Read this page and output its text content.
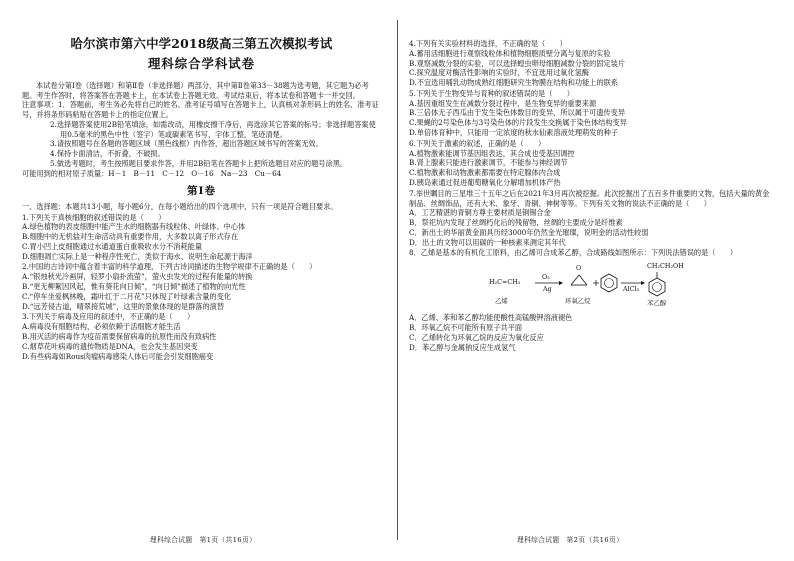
哈尔滨市第六中学2018级高三第五次模拟考试
理科综合学科试卷

本试卷分第Ⅰ卷（选择题）和第Ⅱ卷（非选择题）两部分，其中第Ⅱ卷第33－38题为选考题，其它题为必考题。考生作答时，将答案答在答题卡上，在本试卷上答题无效。考试结束后，将本试卷和答题卡一并交回。

注意事项：1．答题前，考生务必先将自己的姓名、准考证号填写在答题卡上，认真核对条形码上的姓名、准考证号，并将条形码粘贴在答题卡上的指定位置上。

2.选择题答案使用2B铅笔填涂，如需改动，用橡皮擦干净后，再选涂其它答案的标号；非选择题答案使用0.5毫米的黑色中性（签字）笔或碳素笔书写，字体工整，笔迹清楚。

3.请按照题号在各题的答题区域（黑色线框）内作答，超出答题区域书写的答案无效。

4.保持卡面清洁，不折叠，不破损。

5.做选考题时，考生按照题目要求作答，并用2B铅笔在答题卡上把所选题目对应的题号涂黑。

可能用到的相对原子质量：H－1　B－11　C－12　O－16　Na－23　Cu－64

第Ⅰ卷

一、选择题：本题共13小题，每小题6分，在每小题给出的四个选项中，只有一项是符合题目要求。

1.下列关于真核细胞的叙述错误的是（　　）

A.绿色植物的表皮细胞中能产生水的细胞器有线粒体、叶绿体、中心体

B.细胞中的无机盐对生命活动具有重要作用，大多数以离子形式存在

C.胃小凹上皮细胞通过水通道蛋白重吸收水分不消耗能量

D.细胞凋亡实际上是一种程序性死亡，类似于海水、说明生命起源于海洋

2.中国的古诗词中蕴含着丰富的科学道理，下列古诗词描述的生物学规律不正确的是（　　）

A.“银烛秋光冷画屏，轻罗小扇扑流萤”，萤火虫发光的过程有能量的转换

B.“更无柳絮因风起，惟有葵花向日倾”，“向日倾”描述了植物的向光性

C.“停车坐爱枫林晚，霜叶红于二月花”只体现了叶绿素含量的变化

D.“远芳侵古道，晴翠接荒城”，这里的景象体现的是群落的演替

3.下列关于病毒及应用的叙述中，不正确的是（　　）

A.病毒没有细胞结构，必须依赖于活细胞才能生活

B.用灭活的病毒作为疫苗需要保留病毒的抗原性而没有致病性

C.烟草花叶病毒的遗传物质是DNA，也会发生基因突变

D.有些病毒如Rous肉瘤病毒感染人体后可能会引发细胞癌变

理科综合试题　第1页（共16页）

4.下列有关实验材料的选择，不正确的是（　　）

A.蓄用活细胞进行观察线粒体和植物细胞质壁分离与复原的实验

B.观察减数分裂的实验，可以选择蝗虫卵母细胞减数分裂的固定装片

C.探究温度对酶活性影响的实验时，不宜选用过氧化氢酶

D.不宜选用哺乳动物成熟红细胞研究生物膜在结构和功能上的联系

5.下列关于生物变异与育种的叙述错误的是（　　）

A.基因重组发生在减数分裂过程中，是生物变异的重要来源

B.三倍体无子西瓜由于发生染色体数目的变异，所以属于可遗传变异

C.果蝇的2号染色体与3号染色体的片段发生交换属于染色体结构变异

D.单倍体育种中，只能用一定浓度的秋水仙素溶液处理萌发的种子

6.下列关于激素的叙述，正确的是（　　）

A.植物激素能调节基因组表达，其合成也受基因调控

B.肾上腺素只能进行激素调节，不能参与神经调节

C.植物激素和动物激素都需要在特定腺体内合成

D.胰岛素通过促进葡萄糖氧化分解增加机体产热

7.举世瞩目的三星堆三十五年之后在2021年3月再次被挖掘。此次挖掘出了五百多件重要的文物，包括大量的黄金制品、丝绸饰品，还有大米、象牙、青铜、神树等等。下列有关文物的说法不正确的是（　　）

A．工艺精湛的青铜方尊主要材质是铜锡合金

B．祭祀坑内发现了丝绸朽化后的残留物，丝绸的主要成分是纤维素

C．新出土的华丽黄金面具历经3000年仍然金光璀璨，说明金的活动性较弱

D．出土的文物可以用碳的一种核素来测定其年代

8．乙烯是基本的有机化工原料，由乙烯可合成苯乙醇，合成路线如图所示：下列说法错误的是（　　）

H₂C=CH₂
O₂
Ag
O
AlCl₃
CH₂CH₂OH
乙烯	环氧乙烷	苯乙醇

A．乙烯、苯和苯乙醇均能使酸性高锰酸钾溶液褪色

B．环氧乙烷不可能所有原子共平面

C．乙烯转化为环氧乙烷的反应为氧化反应

D．苯乙醇与金属钠反应生成氢气

理科综合试题　第2页（共16页）
